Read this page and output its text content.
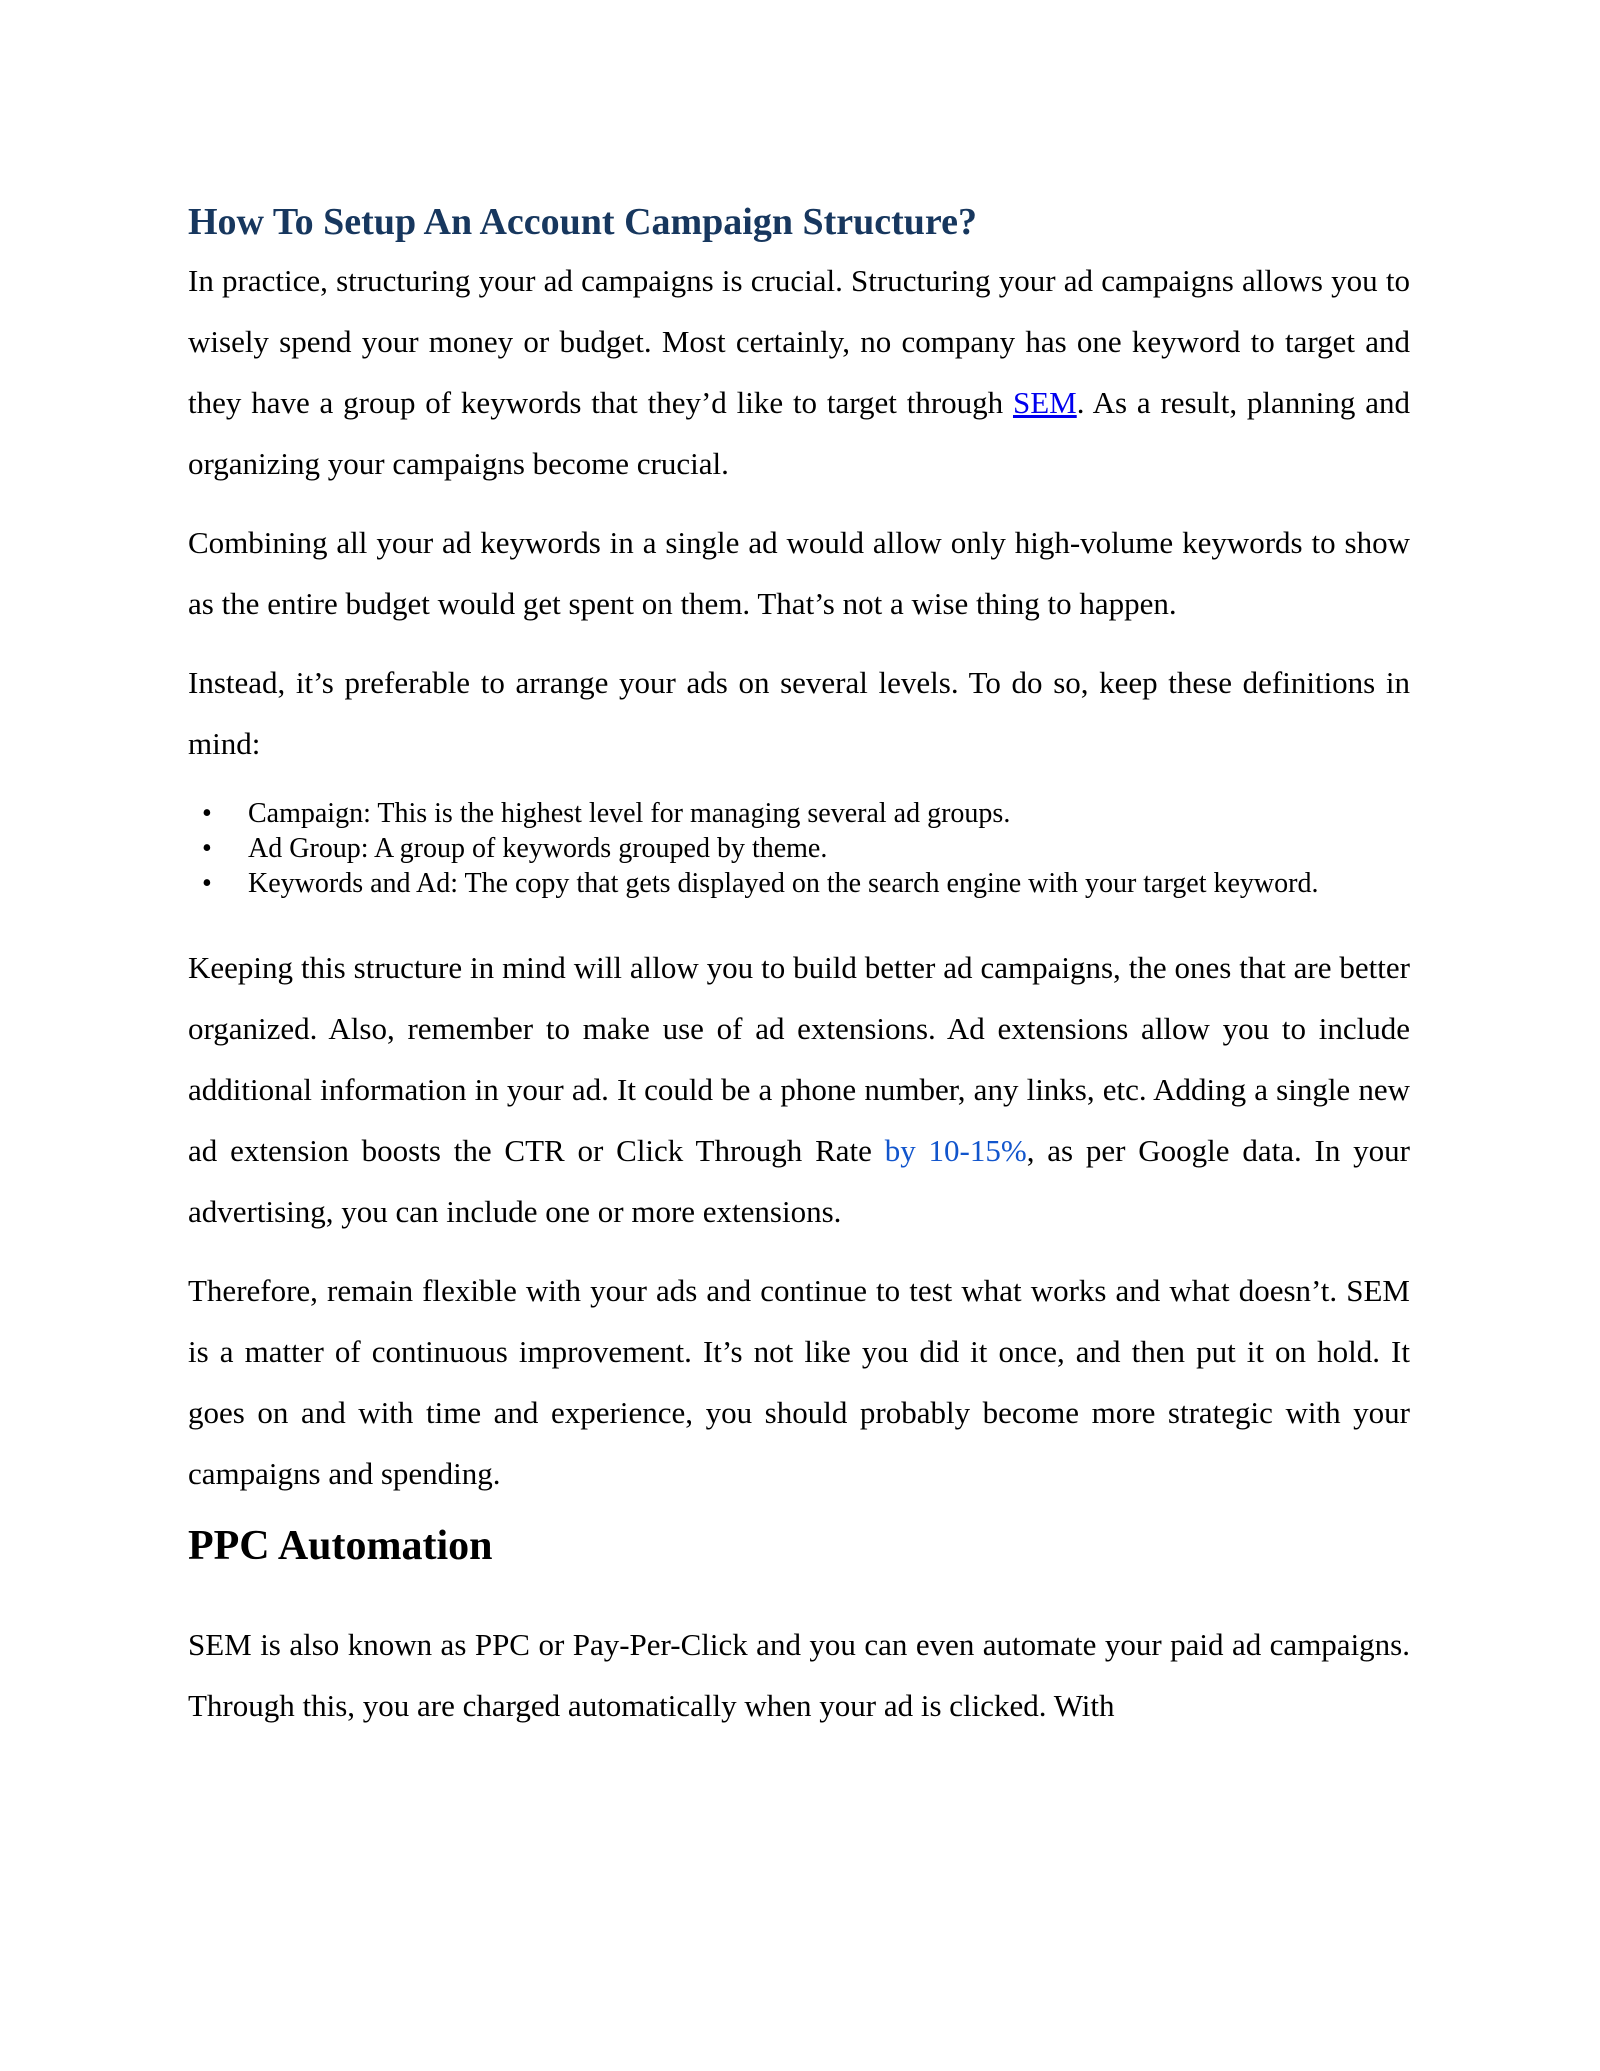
How To Setup An Account Campaign Structure?

In practice, structuring your ad campaigns is crucial. Structuring your ad campaigns allows you to wisely spend your money or budget. Most certainly, no company has one keyword to target and they have a group of keywords that they’d like to target through SEM. As a result, planning and organizing your campaigns become crucial.

Combining all your ad keywords in a single ad would allow only high-volume keywords to show as the entire budget would get spent on them. That’s not a wise thing to happen.

Instead, it’s preferable to arrange your ads on several levels. To do so, keep these definitions in mind:

• Campaign: This is the highest level for managing several ad groups.
• Ad Group: A group of keywords grouped by theme.
• Keywords and Ad: The copy that gets displayed on the search engine with your target keyword.

Keeping this structure in mind will allow you to build better ad campaigns, the ones that are better organized. Also, remember to make use of ad extensions. Ad extensions allow you to include additional information in your ad. It could be a phone number, any links, etc. Adding a single new ad extension boosts the CTR or Click Through Rate by 10-15%, as per Google data. In your advertising, you can include one or more extensions.

Therefore, remain flexible with your ads and continue to test what works and what doesn’t. SEM is a matter of continuous improvement. It’s not like you did it once, and then put it on hold. It goes on and with time and experience, you should probably become more strategic with your campaigns and spending.

PPC Automation

SEM is also known as PPC or Pay-Per-Click and you can even automate your paid ad campaigns. Through this, you are charged automatically when your ad is clicked. With
